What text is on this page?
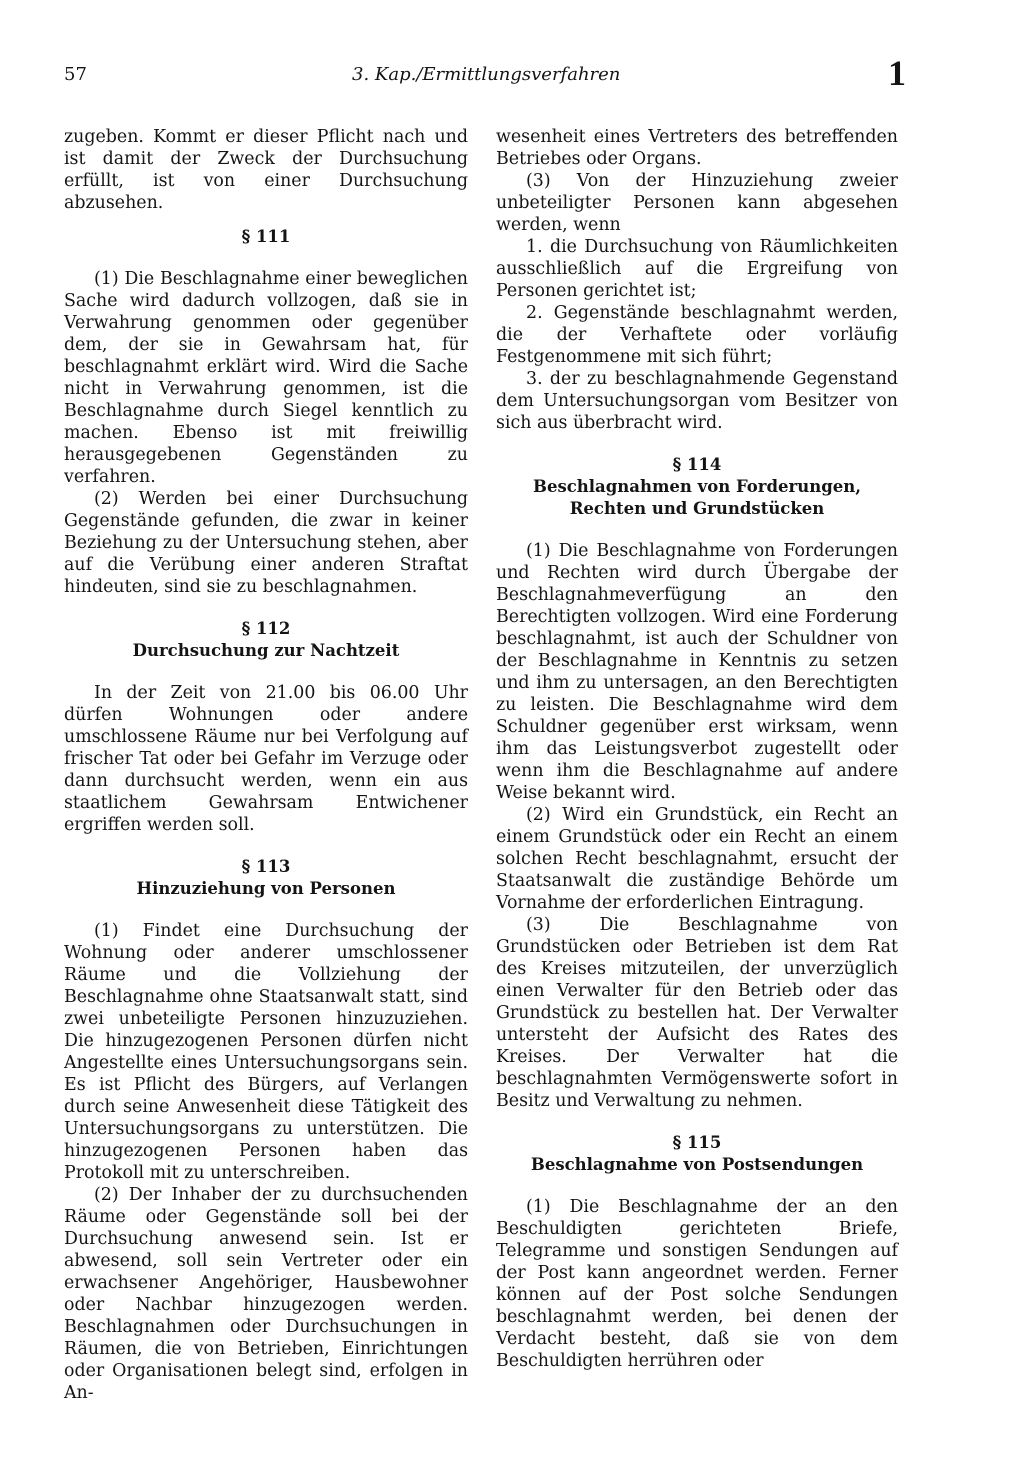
57	3. Kap./Ermittlungsverfahren	1

zugeben. Kommt er dieser Pflicht nach und ist damit der Zweck der Durchsuchung erfüllt, ist von einer Durchsuchung abzusehen.

§ 111

(1) Die Beschlagnahme einer beweglichen Sache wird dadurch vollzogen, daß sie in Verwahrung genommen oder gegenüber dem, der sie in Gewahrsam hat, für beschlagnahmt erklärt wird. Wird die Sache nicht in Verwahrung genommen, ist die Beschlagnahme durch Siegel kenntlich zu machen. Ebenso ist mit freiwillig herausgegebenen Gegenständen zu verfahren.

(2) Werden bei einer Durchsuchung Gegenstände gefunden, die zwar in keiner Beziehung zu der Untersuchung stehen, aber auf die Verübung einer anderen Straftat hindeuten, sind sie zu beschlagnahmen.

§ 112

Durchsuchung zur Nachtzeit

In der Zeit von 21.00 bis 06.00 Uhr dürfen Wohnungen oder andere umschlossene Räume nur bei Verfolgung auf frischer Tat oder bei Gefahr im Verzuge oder dann durchsucht werden, wenn ein aus staatlichem Gewahrsam Entwichener ergriffen werden soll.

§ 113

Hinzuziehung von Personen

(1) Findet eine Durchsuchung der Wohnung oder anderer umschlossener Räume und die Vollziehung der Beschlagnahme ohne Staatsanwalt statt, sind zwei unbeteiligte Personen hinzuzuziehen. Die hinzugezogenen Personen dürfen nicht Angestellte eines Untersuchungsorgans sein. Es ist Pflicht des Bürgers, auf Verlangen durch seine Anwesenheit diese Tätigkeit des Untersuchungsorgans zu unterstützen. Die hinzugezogenen Personen haben das Protokoll mit zu unterschreiben.

(2) Der Inhaber der zu durchsuchenden Räume oder Gegenstände soll bei der Durchsuchung anwesend sein. Ist er abwesend, soll sein Vertreter oder ein erwachsener Angehöriger, Hausbewohner oder Nachbar hinzugezogen werden. Beschlagnahmen oder Durchsuchungen in Räumen, die von Betrieben, Einrichtungen oder Organisationen belegt sind, erfolgen in An-

wesenheit eines Vertreters des betreffenden Betriebes oder Organs.

(3) Von der Hinzuziehung zweier unbeteiligter Personen kann abgesehen werden, wenn

1. die Durchsuchung von Räumlichkeiten ausschließlich auf die Ergreifung von Personen gerichtet ist;

2. Gegenstände beschlagnahmt werden, die der Verhaftete oder vorläufig Festgenommene mit sich führt;

3. der zu beschlagnahmende Gegenstand dem Untersuchungsorgan vom Besitzer von sich aus überbracht wird.

§ 114

Beschlagnahmen von Forderungen, Rechten und Grundstücken

(1) Die Beschlagnahme von Forderungen und Rechten wird durch Übergabe der Beschlagnahmeverfügung an den Berechtigten vollzogen. Wird eine Forderung beschlagnahmt, ist auch der Schuldner von der Beschlagnahme in Kenntnis zu setzen und ihm zu untersagen, an den Berechtigten zu leisten. Die Beschlagnahme wird dem Schuldner gegenüber erst wirksam, wenn ihm das Leistungsverbot zugestellt oder wenn ihm die Beschlagnahme auf andere Weise bekannt wird.

(2) Wird ein Grundstück, ein Recht an einem Grundstück oder ein Recht an einem solchen Recht beschlagnahmt, ersucht der Staatsanwalt die zuständige Behörde um Vornahme der erforderlichen Eintragung.

(3) Die Beschlagnahme von Grundstücken oder Betrieben ist dem Rat des Kreises mitzuteilen, der unverzüglich einen Verwalter für den Betrieb oder das Grundstück zu bestellen hat. Der Verwalter untersteht der Aufsicht des Rates des Kreises. Der Verwalter hat die beschlagnahmten Vermögenswerte sofort in Besitz und Verwaltung zu nehmen.

§ 115

Beschlagnahme von Postsendungen

(1) Die Beschlagnahme der an den Beschuldigten gerichteten Briefe, Telegramme und sonstigen Sendungen auf der Post kann angeordnet werden. Ferner können auf der Post solche Sendungen beschlagnahmt werden, bei denen der Verdacht besteht, daß sie von dem Beschuldigten herrühren oder
